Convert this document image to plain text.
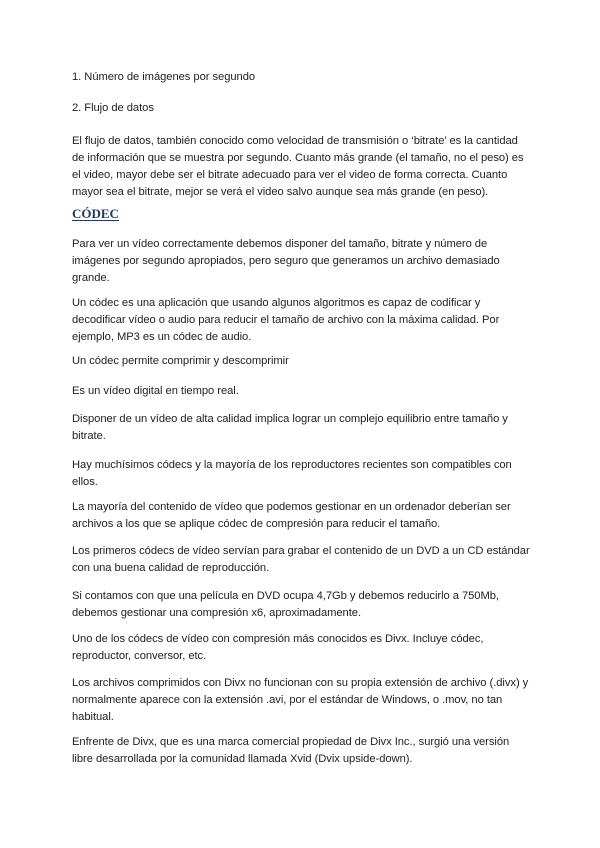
1. Número de imágenes por segundo

2. Flujo de datos

El flujo de datos, también conocido como velocidad de transmisión o ‘bitrate’ es la cantidad de información que se muestra por segundo. Cuanto más grande (el tamaño, no el peso) es el video, mayor debe ser el bitrate adecuado para ver el video de forma correcta. Cuanto mayor sea el bitrate, mejor se verá el video salvo aunque sea más grande (en peso).

CÓDEC

Para ver un vídeo correctamente debemos disponer del tamaño, bitrate y número de imágenes por segundo apropiados, pero seguro que generamos un archivo demasiado grande.

Un códec es una aplicación que usando algunos algoritmos es capaz de codificar y decodificar vídeo o audio para reducir el tamaño de archivo con la máxima calidad. Por ejemplo, MP3 es un códec de audio.

Un códec permite comprimir y descomprimir

Es un vídeo digital en tiempo real.

Disponer de un vídeo de alta calidad implica lograr un complejo equilibrio entre tamaño y bitrate.

Hay muchísimos códecs y la mayoría de los reproductores recientes son compatibles con ellos.

La mayoría del contenido de vídeo que podemos gestionar en un ordenador deberían ser archivos a los que se aplique códec de compresión para reducir el tamaño.

Los primeros códecs de vídeo servían para grabar el contenido de un DVD a un CD estándar con una buena calidad de reproducción.

Si contamos con que una película en DVD ocupa 4,7Gb y debemos reducirlo a 750Mb, debemos gestionar una compresión x6, aproximadamente.

Uno de los códecs de vídeo con compresión más conocidos es Divx. Incluye códec, reproductor, conversor, etc.

Los archivos comprimidos con Divx no funcionan con su propia extensión de archivo (.divx) y normalmente aparece con la extensión .avi, por el estándar de Windows, o .mov, no tan habitual.

Enfrente de Divx, que es una marca comercial propiedad de Divx Inc., surgió una versión libre desarrollada por la comunidad llamada Xvid (Dvix upside-down).
